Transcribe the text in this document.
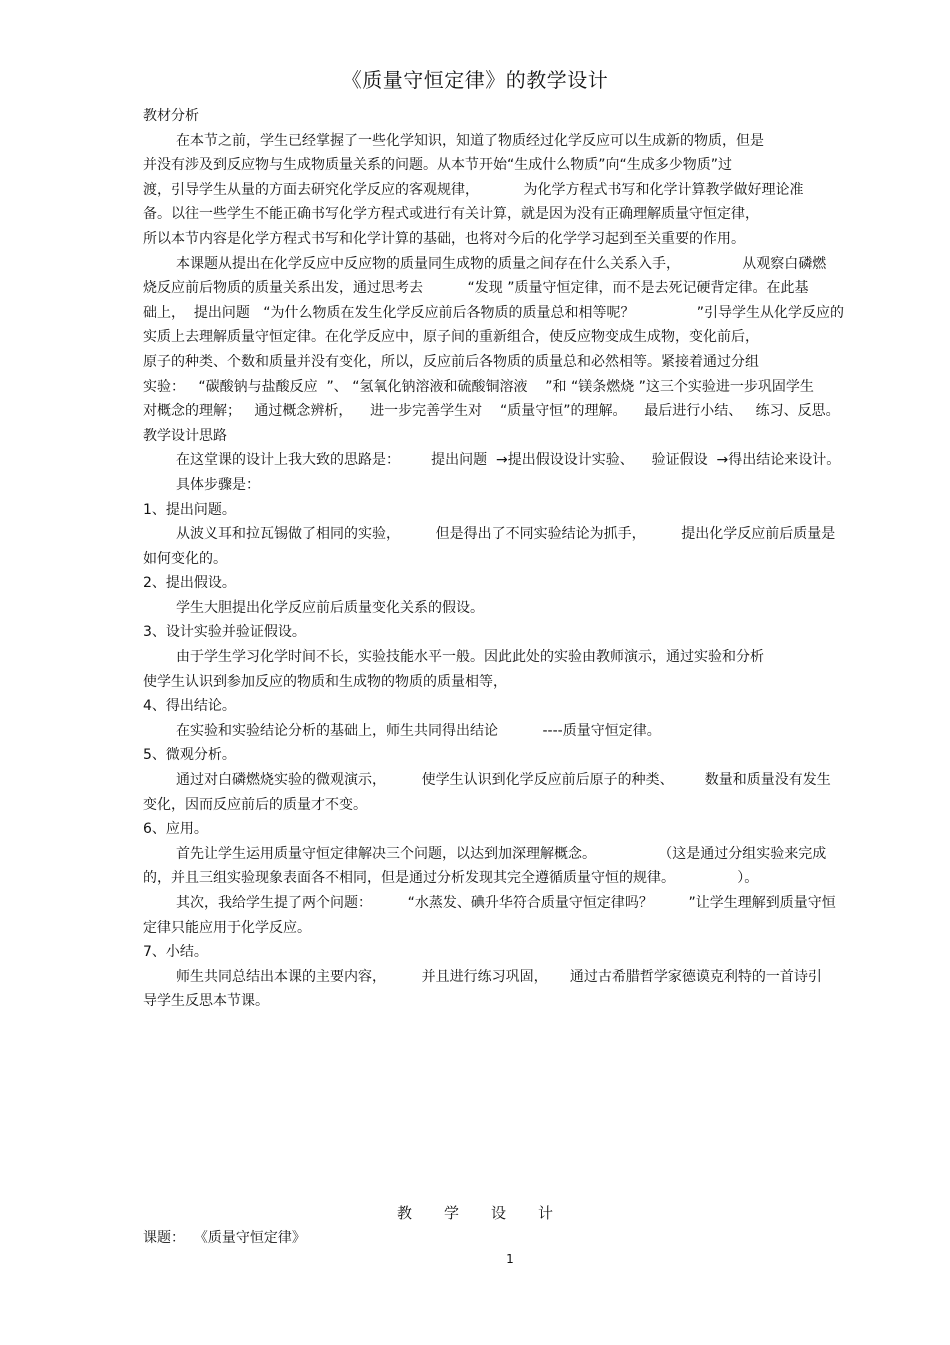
《质量守恒定律》的教学设计
教材分析
在本节之前，学生已经掌握了一些化学知识，知道了物质经过化学反应可以生成新的物质，但是
并没有涉及到反应物与生成物质量关系的问题。从本节开始“生成什么物质”向“生成多少物质”过
渡，引导学生从量的方面去研究化学反应的客观规律，          为化学方程式书写和化学计算教学做好理论准
备。以往一些学生不能正确书写化学方程式或进行有关计算，就是因为没有正确理解质量守恒定律，
所以本节内容是化学方程式书写和化学计算的基础，也将对今后的化学学习起到至关重要的作用。
本课题从提出在化学反应中反应物的质量同生成物的质量之间存在什么关系入手，              从观察白磷燃
烧反应前后物质的质量关系出发，通过思考去          “发现 ”质量守恒定律，而不是去死记硬背定律。在此基
础上，  提出问题   “为什么物质在发生化学反应前后各物质的质量总和相等呢？              ”引导学生从化学反应的
实质上去理解质量守恒定律。在化学反应中，原子间的重新组合，使反应物变成生成物，变化前后，
原子的种类、个数和质量并没有变化，所以，反应前后各物质的质量总和必然相等。紧接着通过分组
实验：   “碳酸钠与盐酸反应  ”、 “氢氧化钠溶液和硫酸铜溶液    ”和 “镁条燃烧 ”这三个实验进一步巩固学生
对概念的理解；   通过概念辨析，    进一步完善学生对    “质量守恒”的理解。    最后进行小结、   练习、反思。
教学设计思路
在这堂课的设计上我大致的思路是：       提出问题  →提出假设设计实验、    验证假设  →得出结论来设计。
具体步骤是：
1、提出问题。
从波义耳和拉瓦锡做了相同的实验，        但是得出了不同实验结论为抓手，        提出化学反应前后质量是
如何变化的。
2、提出假设。
学生大胆提出化学反应前后质量变化关系的假设。
3、设计实验并验证假设。
由于学生学习化学时间不长，实验技能水平一般。因此此处的实验由教师演示，通过实验和分析
使学生认识到参加反应的物质和生成物的物质的质量相等，
4、得出结论。
在实验和实验结论分析的基础上，师生共同得出结论          ----质量守恒定律。
5、微观分析。
通过对白磷燃烧实验的微观演示，        使学生认识到化学反应前后原子的种类、       数量和质量没有发生
变化，因而反应前后的质量才不变。
6、应用。
首先让学生运用质量守恒定律解决三个问题，以达到加深理解概念。              （这是通过分组实验来完成
的，并且三组实验现象表面各不相同，但是通过分析发现其完全遵循质量守恒的规律。              ）。
其次，我给学生提了两个问题：        “水蒸发、碘升华符合质量守恒定律吗？        ”让学生理解到质量守恒
定律只能应用于化学反应。
7、小结。
师生共同总结出本课的主要内容，        并且进行练习巩固，     通过古希腊哲学家德谟克利特的一首诗引
导学生反思本节课。
教 学 设 计
课题：  《质量守恒定律》
1
